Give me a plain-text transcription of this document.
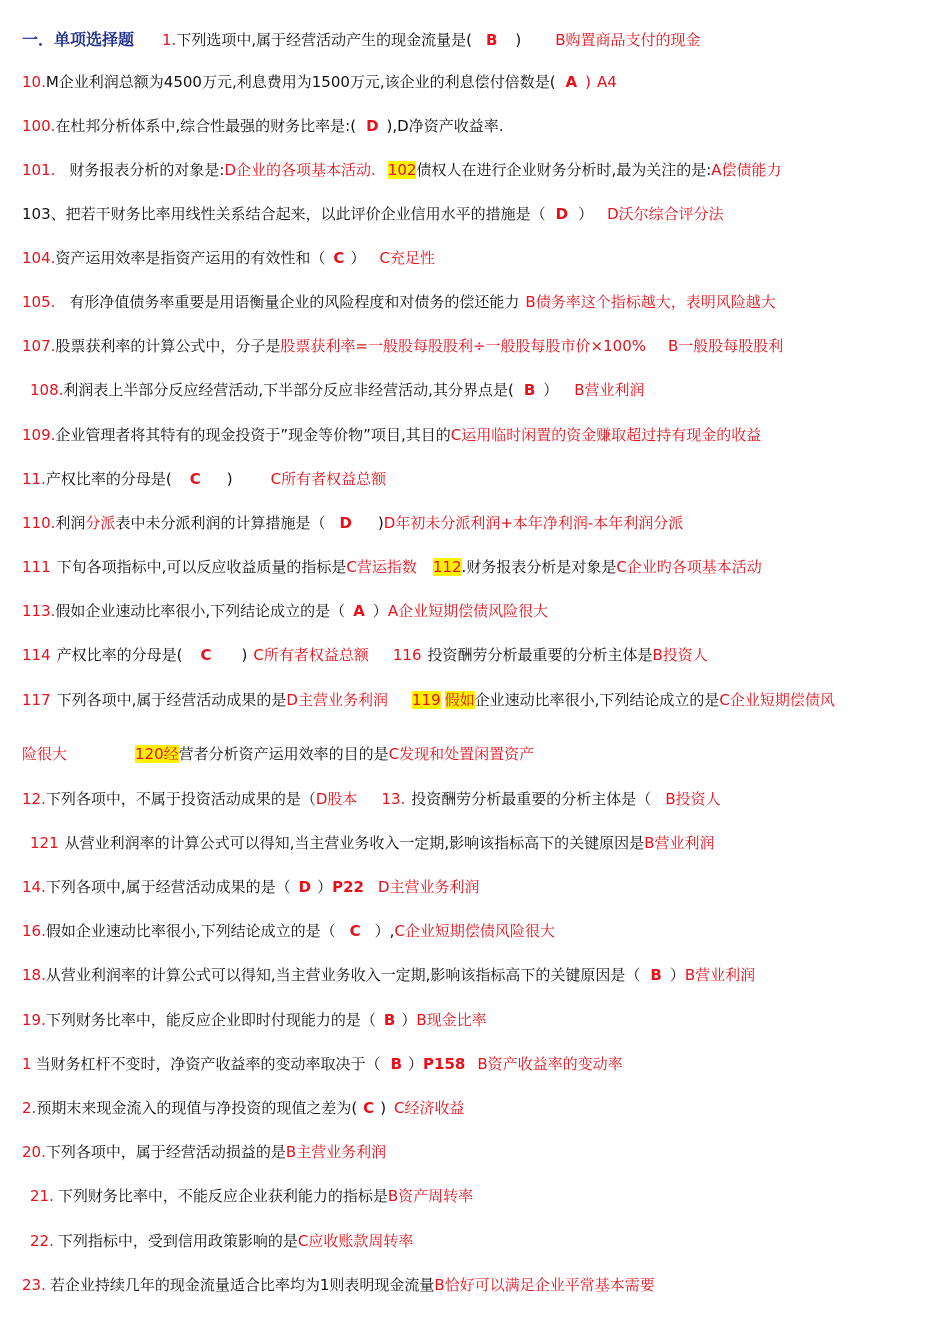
一．单项选择题 1.下列选项中,属于经营活动产生的现金流量是( B ) B购置商品支付的现金
10.M企业利润总额为4500万元,利息费用为1500万元,该企业的利息偿付倍数是( A ) A4
100.在杜邦分析体系中,综合性最强的财务比率是:( D ),D净资产收益率.
101. 财务报表分析的对象是:D企业的各项基本活动. 102债权人在进行企业财务分析时,最为关注的是:A偿债能力
103、把若干财务比率用线性关系结合起来，以此评价企业信用水平的措施是（ D ） D沃尔综合评分法
104.资产运用效率是指资产运用的有效性和（ C ） C充足性
105. 有形净值债务率重要是用语衡量企业的风险程度和对债务的偿还能力 B债务率这个指标越大，表明风险越大
107.股票获利率的计算公式中，分子是股票获利率=一般股每股股利÷一般股每股市价×100% B一般股每股股利
108.利润表上半部分反应经营活动,下半部分反应非经营活动,其分界点是( B ） B营业利润
109.企业管理者将其特有的现金投资于”现金等价物”项目,其目的C运用临时闲置的资金赚取超过持有现金的收益
11.产权比率的分母是( C )	C所有者权益总额
110.利润分派表中未分派利润的计算措施是（ D )D年初未分派利润+本年净利润-本年利润分派
111 下旬各项指标中,可以反应收益质量的指标是C营运指数 112.财务报表分析是对象是C企业旳各项基本活动
113.假如企业速动比率很小,下列结论成立的是（ A ）A企业短期偿债风险很大
114 产权比率的分母是( C ) C所有者权益总额 116 投资酬劳分析最重要的分析主体是B投资人
117 下列各项中,属于经营活动成果的是D主营业务利润 119 假如企业速动比率很小,下列结论成立的是C企业短期偿债风
险很大	120经营者分析资产运用效率的目的是C发现和处置闲置资产
12.下列各项中，不属于投资活动成果的是（D股本 13. 投资酬劳分析最重要的分析主体是（ B投资人
121 从营业利润率的计算公式可以得知,当主营业务收入一定期,影响该指标高下的关键原因是B营业利润
14.下列各项中,属于经营活动成果的是（ D ）P22 D主营业务利润
16.假如企业速动比率很小,下列结论成立的是（ C ）,C企业短期偿债风险很大
18.从营业利润率的计算公式可以得知,当主营业务收入一定期,影响该指标高下的关键原因是（ B ）B营业利润
19.下列财务比率中，能反应企业即时付现能力的是（ B ）B现金比率
1 当财务杠杆不变时，净资产收益率的变动率取决于（ B ）P158 B资产收益率的变动率
2.预期末来现金流入的现值与净投资的现值之差为( C ) C经济收益
20.下列各项中，属于经营活动损益的是B主营业务利润
21. 下列财务比率中，不能反应企业获利能力的指标是B资产周转率
22. 下列指标中，受到信用政策影响的是C应收账款周转率
23. 若企业持续几年的现金流量适合比率均为1则表明现金流量B恰好可以满足企业平常基本需要
